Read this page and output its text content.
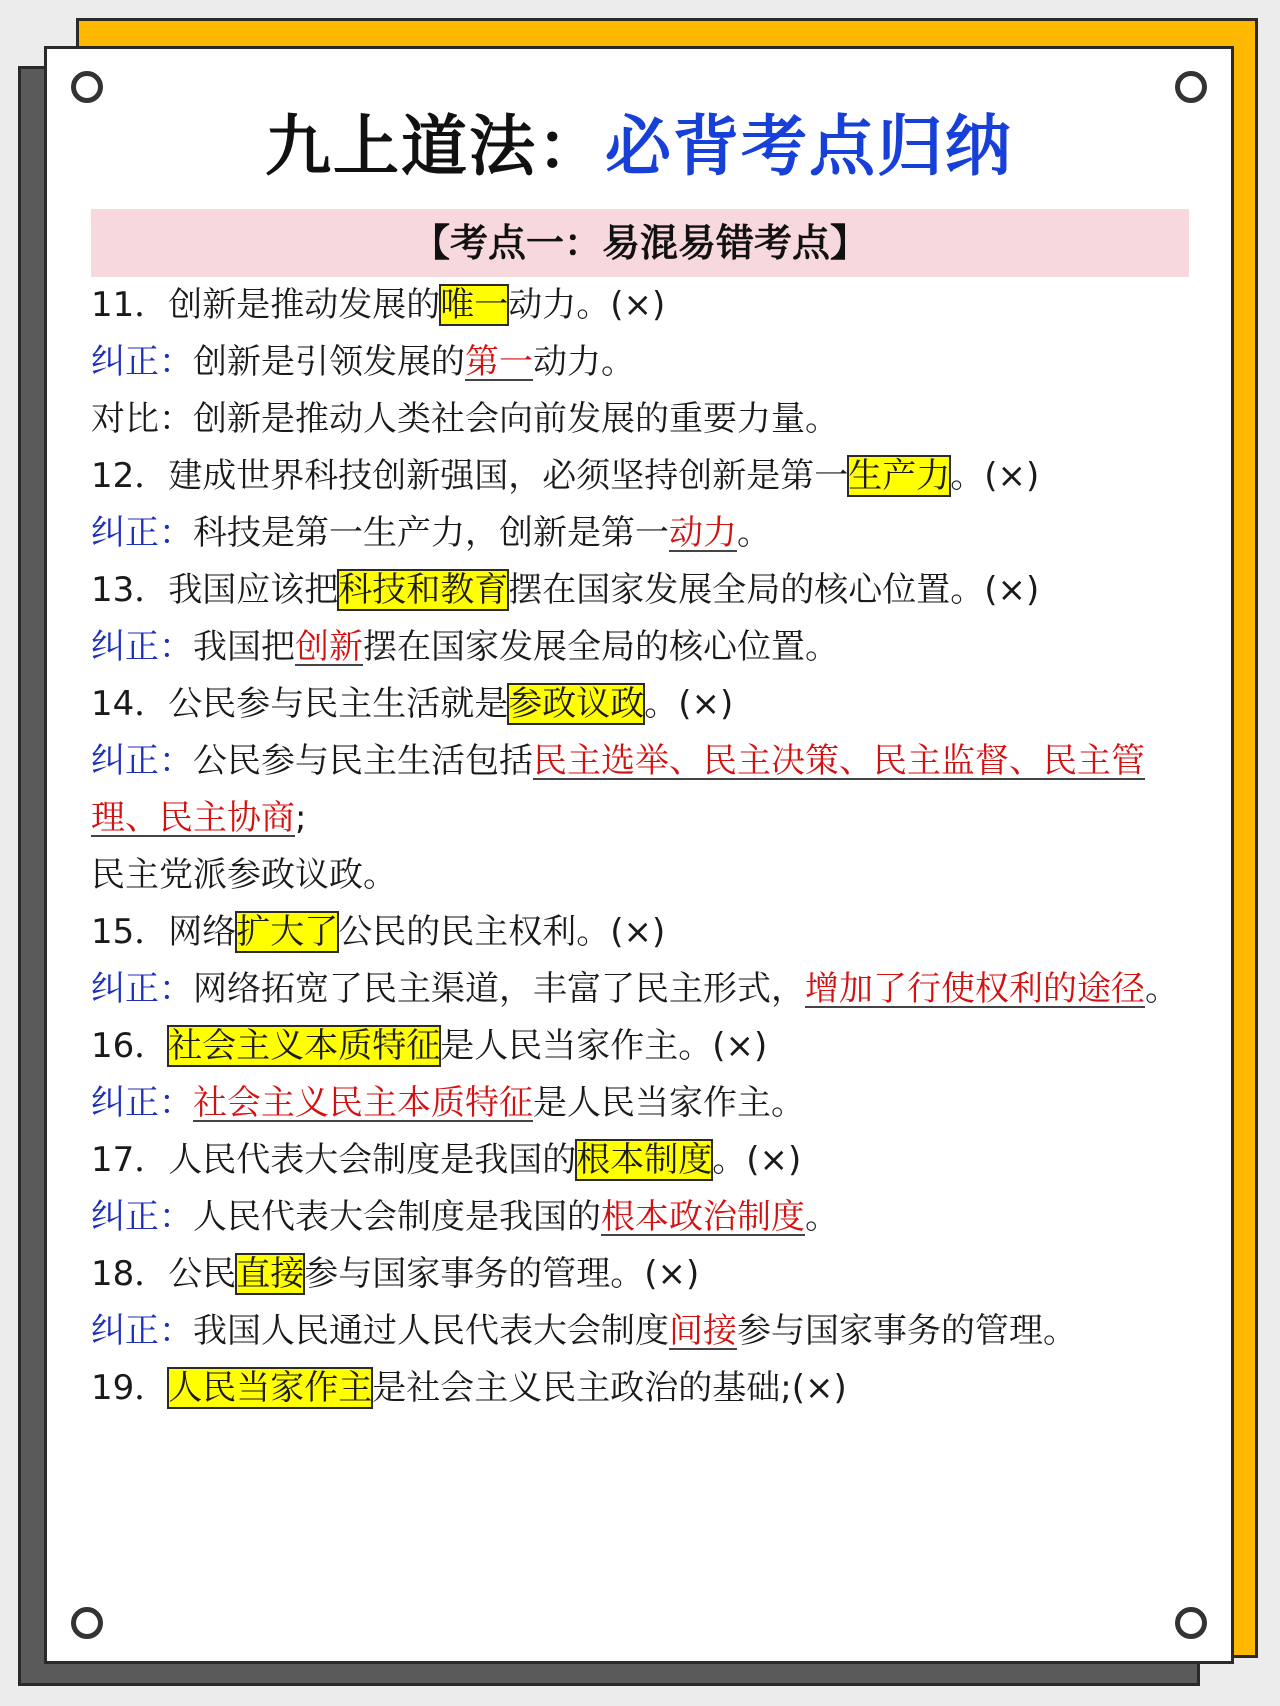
九上道法：必背考点归纳
【考点一：易混易错考点】

11．创新是推动发展的唯一动力。(×)

纠正：创新是引领发展的第一动力。

对比：创新是推动人类社会向前发展的重要力量。

12．建成世界科技创新强国，必须坚持创新是第一生产力。(×)

纠正：科技是第一生产力，创新是第一动力。

13．我国应该把科技和教育摆在国家发展全局的核心位置。(×)

纠正：我国把创新摆在国家发展全局的核心位置。

14．公民参与民主生活就是参政议政。(×)

纠正：公民参与民主生活包括民主选举、民主决策、民主监督、民主管理、民主协商;

民主党派参政议政。

15．网络扩大了公民的民主权利。(×)

纠正：网络拓宽了民主渠道，丰富了民主形式，增加了行使权利的途径。

16．社会主义本质特征是人民当家作主。(×)

纠正：社会主义民主本质特征是人民当家作主。

17．人民代表大会制度是我国的根本制度。(×)

纠正：人民代表大会制度是我国的根本政治制度。

18．公民直接参与国家事务的管理。(×)

纠正：我国人民通过人民代表大会制度间接参与国家事务的管理。

19．人民当家作主是社会主义民主政治的基础;(×)
